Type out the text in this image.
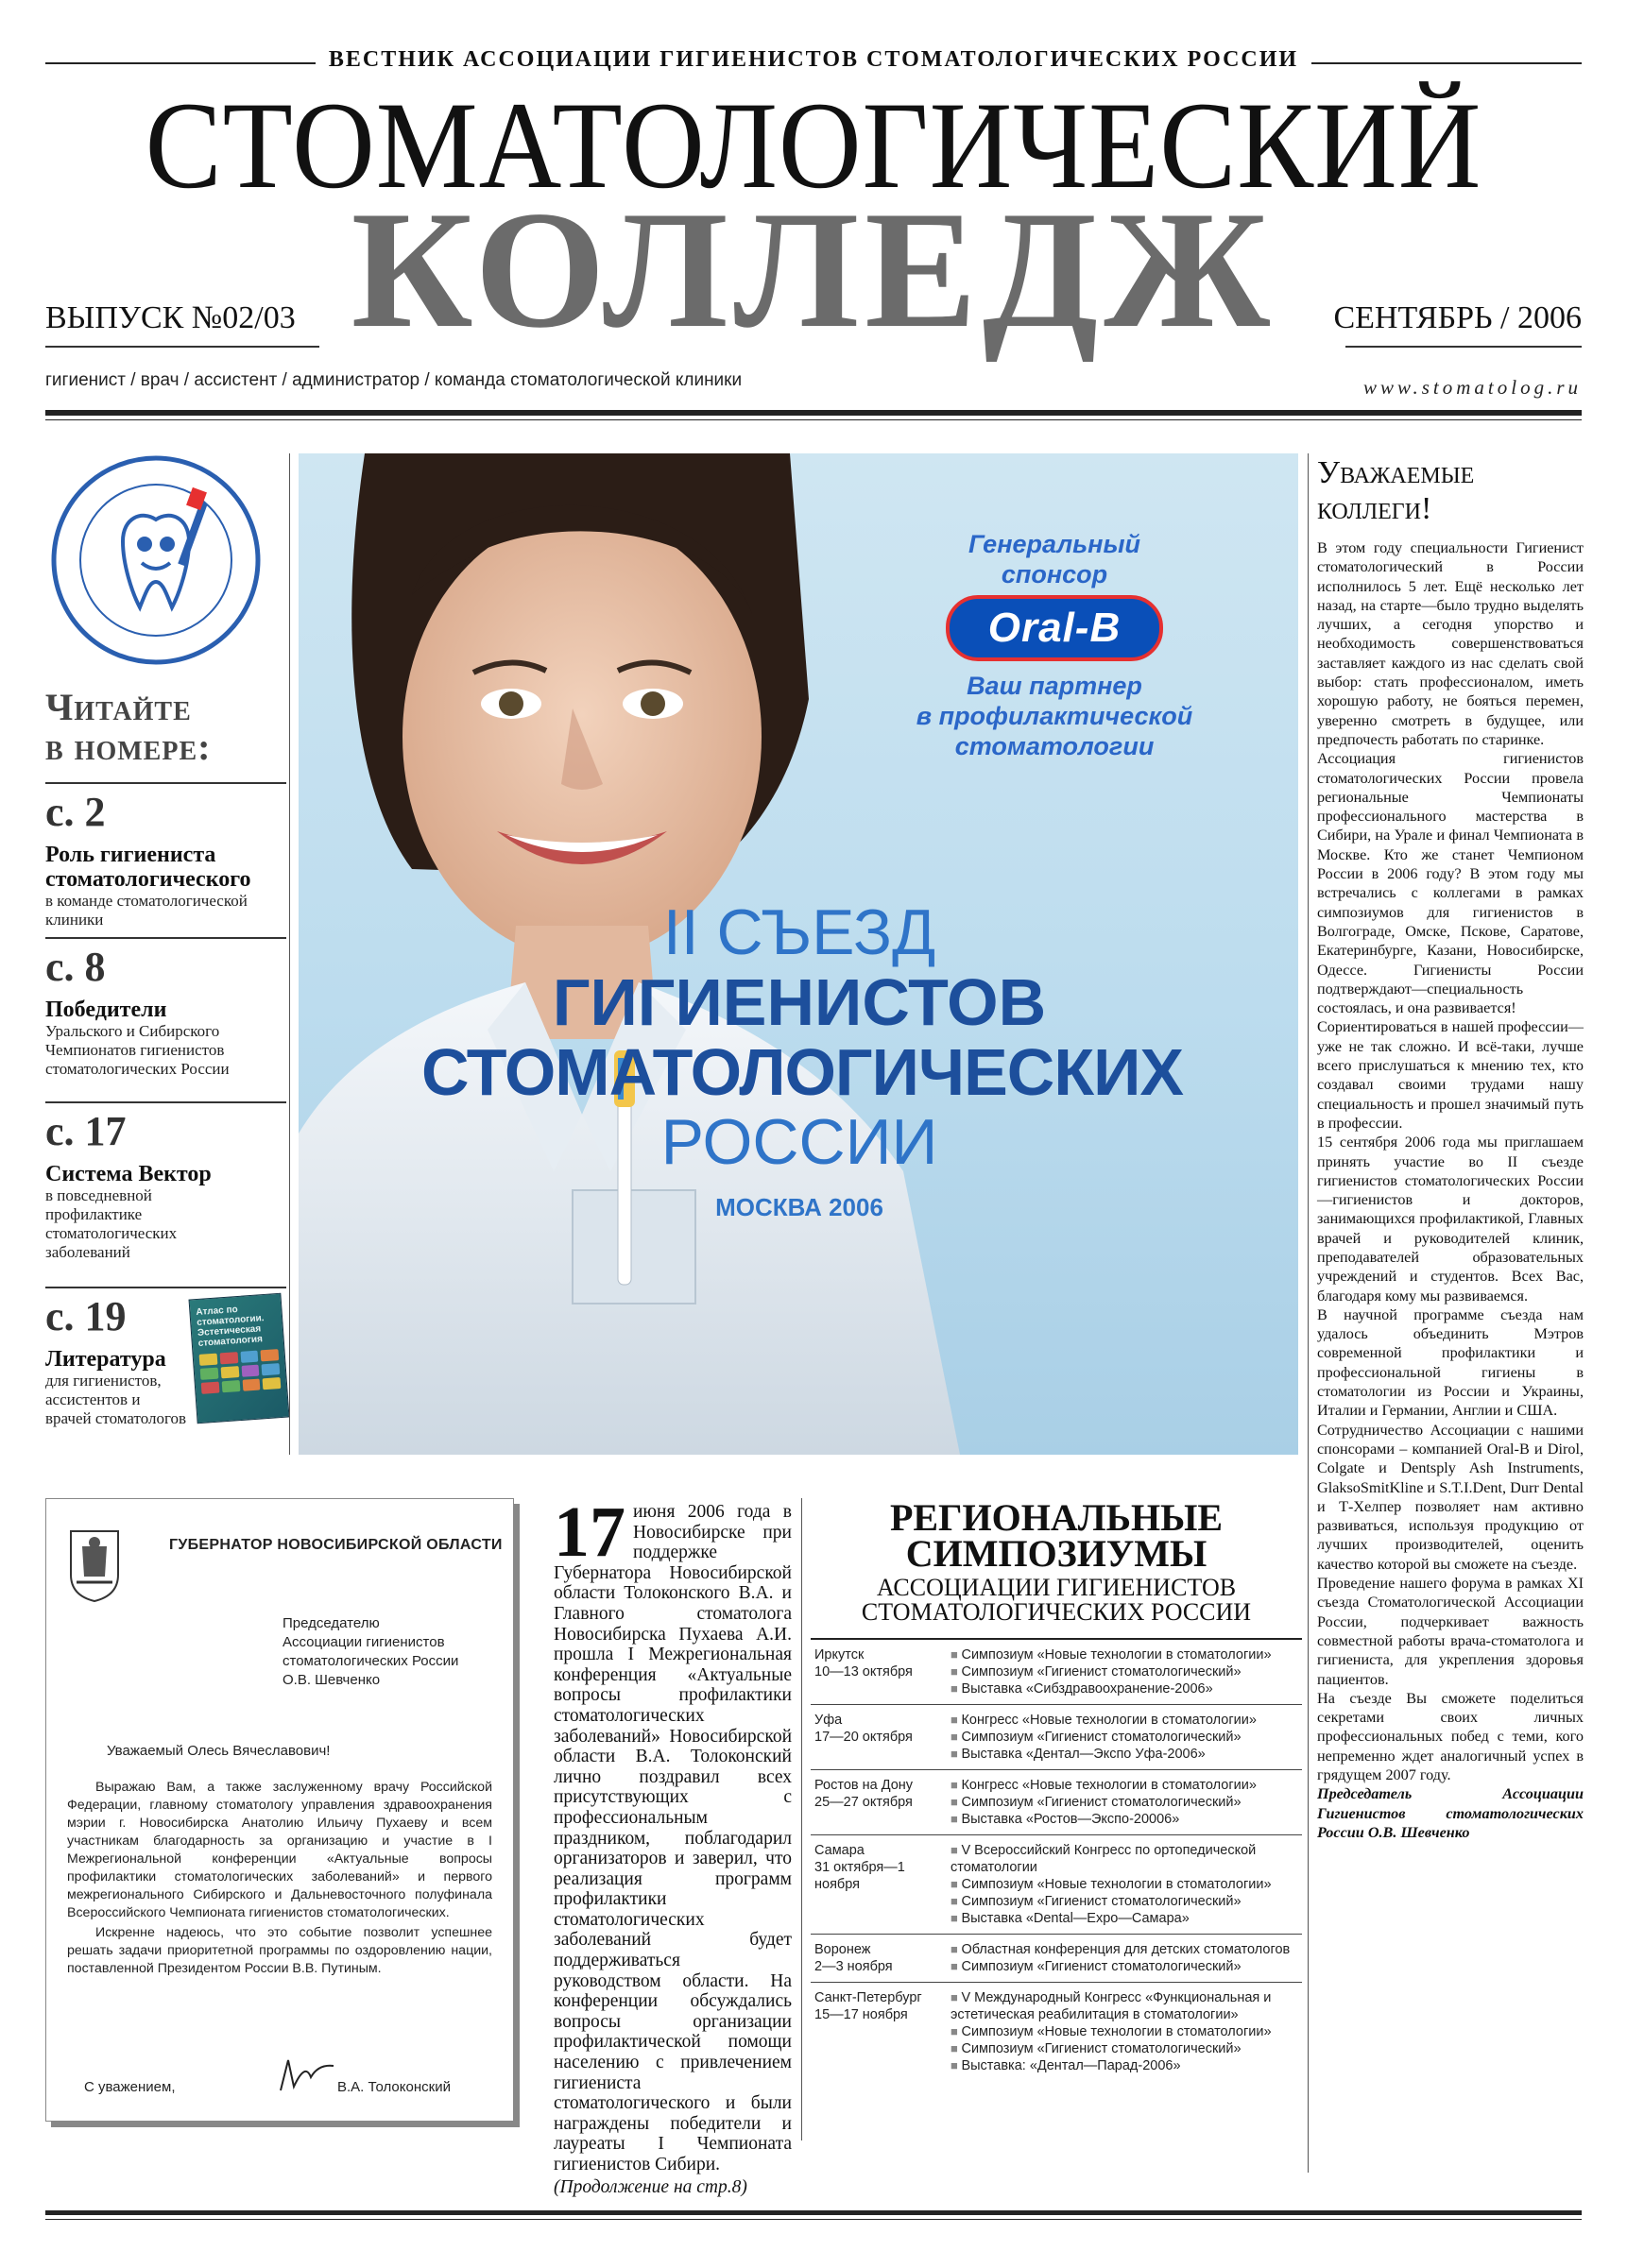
ВЕСТНИК АССОЦИАЦИИ ГИГИЕНИСТОВ СТОМАТОЛОГИЧЕСКИХ РОССИИ
СТОМАТОЛОГИЧЕСКИЙ
КОЛЛЕДЖ
ВЫПУСК №02/03	СЕНТЯБРЬ / 2006
гигиенист / врач / ассистент / администратор / команда стоматологической клиники	www.stomatolog.ru
Читайте
в номере:
с. 2
Роль гигиениста стоматологического
в команде стоматологической клиники
с. 8
Победители
Уральского и Сибирского Чемпионатов гигиенистов стоматологических России
с. 17
Система Вектор
в повседневной профилактике стоматологических заболеваний
с. 19
Литература
для гигиенистов, ассистентов и врачей стоматологов
Атлас по стоматологии. Эстетическая стоматология
Генеральный
спонсор
Oral-B
Ваш партнер
в профилактической
стоматологии
II СЪЕЗД
ГИГИЕНИСТОВ
СТОМАТОЛОГИЧЕСКИХ
РОССИИ
МОСКВА 2006
Уважаемые коллеги!

В этом году специальности Гигиенист стоматологический в России исполнилось 5 лет. Ещё несколько лет назад, на старте—было трудно выделять лучших, а сегодня упорство и необходимость совершенствоваться заставляет каждого из нас сделать свой выбор: стать профессионалом, иметь хорошую работу, не бояться перемен, уверенно смотреть в будущее, или предпочесть работать по старинке.

Ассоциация гигиенистов стоматологических России провела региональные Чемпионаты профессионального мастерства в Сибири, на Урале и финал Чемпионата в Москве. Кто же станет Чемпионом России в 2006 году? В этом году мы встречались с коллегами в рамках симпозиумов для гигиенистов в Волгограде, Омске, Пскове, Саратове, Екатеринбурге, Казани, Новосибирске, Одессе. Гигиенисты России подтверждают—специальность состоялась, и она развивается!

Сориентироваться в нашей профессии—уже не так сложно. И всё-таки, лучше всего прислушаться к мнению тех, кто создавал своими трудами нашу специальность и прошел значимый путь в профессии.

15 сентября 2006 года мы приглашаем принять участие во II съезде гигиенистов стоматологических России—гигиенистов и докторов, занимающихся профилактикой, Главных врачей и руководителей клиник, преподавателей образовательных учреждений и студентов. Всех Вас, благодаря кому мы развиваемся.

В научной программе съезда нам удалось объединить Мэтров современной профилактики и профессиональной гигиены в стоматологии из России и Украины, Италии и Германии, Англии и США.

Сотрудничество Ассоциации с нашими спонсорами – компанией Oral-B и Dirol, Colgate и Dentsply Ash Instruments, GlaksoSmitKline и S.T.I.Dent, Durr Dental и Т-Хелпер позволяет нам активно развиваться, используя продукцию от лучших производителей, оценить качество которой вы сможете на съезде.

Проведение нашего форума в рамках XI съезда Стоматологической Ассоциации России, подчеркивает важность совместной работы врача-стоматолога и гигиениста, для укрепления здоровья пациентов.

На съезде Вы сможете поделиться секретами своих личных профессиональных побед с теми, кого непременно ждет аналогичный успех в грядущем 2007 году.

Председатель Ассоциации Гигиенистов стоматологических России О.В. Шевченко

ГУБЕРНАТОР НОВОСИБИРСКОЙ ОБЛАСТИ
Председателю
Ассоциации гигиенистов
стоматологических России
О.В. Шевченко
Уважаемый Олесь Вячеславович!

Выражаю Вам, а также заслуженному врачу Российской Федерации, главному стоматологу управления здравоохранения мэрии г. Новосибирска Анатолию Ильичу Пухаеву и всем участникам благодарность за организацию и участие в I Межрегиональной конференции «Актуальные вопросы профилактики стоматологических заболеваний» и первого межрегионального Сибирского и Дальневосточного полуфинала Всероссийского Чемпионата гигиенистов стоматологических.

Искренне надеюсь, что это событие позволит успешнее решать задачи приоритетной программы по оздоровлению нации, поставленной Президентом России В.В. Путиным.

С уважением,	В.А. Толоконский
17 июня 2006 года в Новосибирске при поддержке Губернатора Новосибирской области Толоконского В.А. и Главного стоматолога Новосибирска Пухаева А.И. прошла I Межрегиональная конференция «Актуальные вопросы профилактики стоматологических заболеваний» Новосибирской области В.А. Толоконский лично поздравил всех присутствующих с профессиональным праздником, поблагодарил организаторов и заверил, что реализация программ профилактики стоматологических заболеваний будет поддерживаться руководством области. На конференции обсуждались вопросы организации профилактической помощи населению с привлечением гигиениста стоматологического и были награждены победители и лауреаты I Чемпионата гигиенистов Сибири.
(Продолжение на стр.8)
РЕГИОНАЛЬНЫЕ
СИМПОЗИУМЫ
АССОЦИАЦИИ ГИГИЕНИСТОВ
СТОМАТОЛОГИЧЕСКИХ РОССИИ
Иркутск
10—13 октября
■ Симпозиум «Новые технологии в стоматологии»
■ Симпозиум «Гигиенист стоматологический»
■ Выставка «Сибздравоохранение-2006»
Уфа
17—20 октября
■ Конгресс «Новые технологии в стоматологии»
■ Симпозиум «Гигиенист стоматологический»
■ Выставка «Дентал—Экспо Уфа-2006»
Ростов на Дону
25—27 октября
■ Конгресс «Новые технологии в стоматологии»
■ Симпозиум «Гигиенист стоматологический»
■ Выставка «Ростов—Экспо-20006»
Самара
31 октября—1 ноября
■ V Всероссийский Конгресс по ортопедической стоматологии
■ Симпозиум «Новые технологии в стоматологии»
■ Симпозиум «Гигиенист стоматологический»
■ Выставка «Dental—Expo—Самара»
Воронеж
2—3 ноября
■ Областная конференция для детских стоматологов
■ Симпозиум «Гигиенист стоматологический»
Санкт-Петербург
15—17 ноября
■ V Международный Конгресс «Функциональная и эстетическая реабилитация в стоматологии»
■ Симпозиум «Новые технологии в стоматологии»
■ Симпозиум «Гигиенист стоматологический»
■ Выставка: «Дентал—Парад-2006»
